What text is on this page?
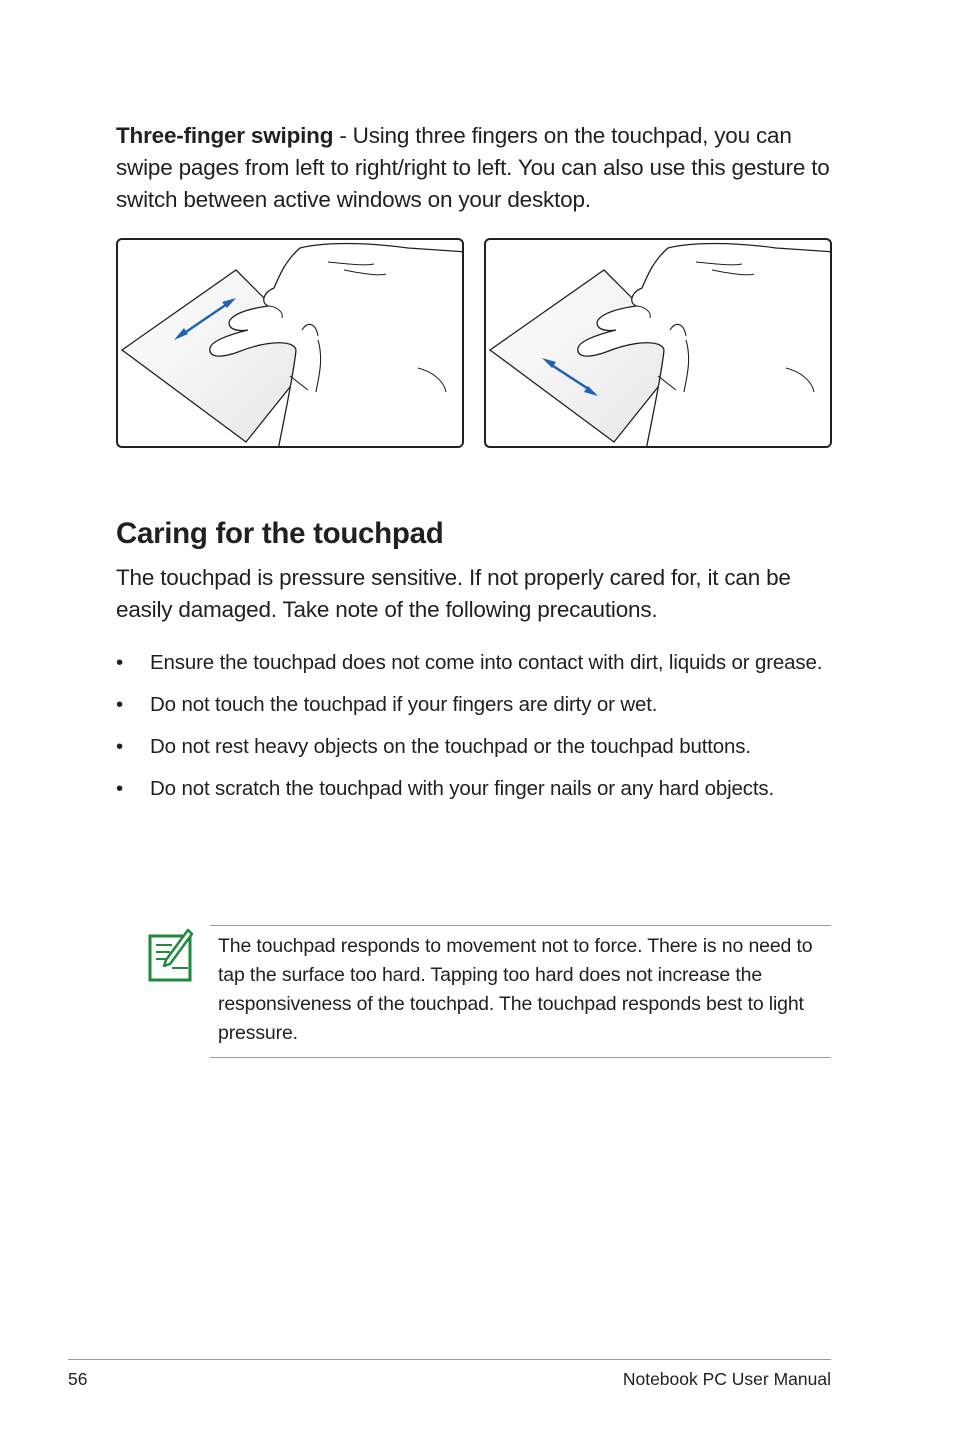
Three-finger swiping - Using three fingers on the touchpad, you can swipe pages from left to right/right to left. You can also use this gesture to switch between active windows on your desktop.
Caring for the touchpad
The touchpad is pressure sensitive. If not properly cared for, it can be easily damaged. Take note of the following precautions.
• Ensure the touchpad does not come into contact with dirt, liquids or grease.
• Do not touch the touchpad if your fingers are dirty or wet.
• Do not rest heavy objects on the touchpad or the touchpad buttons.
• Do not scratch the touchpad with your finger nails or any hard objects.
The touchpad responds to movement not to force. There is no need to tap the surface too hard. Tapping too hard does not increase the responsiveness of the touchpad. The touchpad responds best to light pressure.
56	Notebook PC User Manual
